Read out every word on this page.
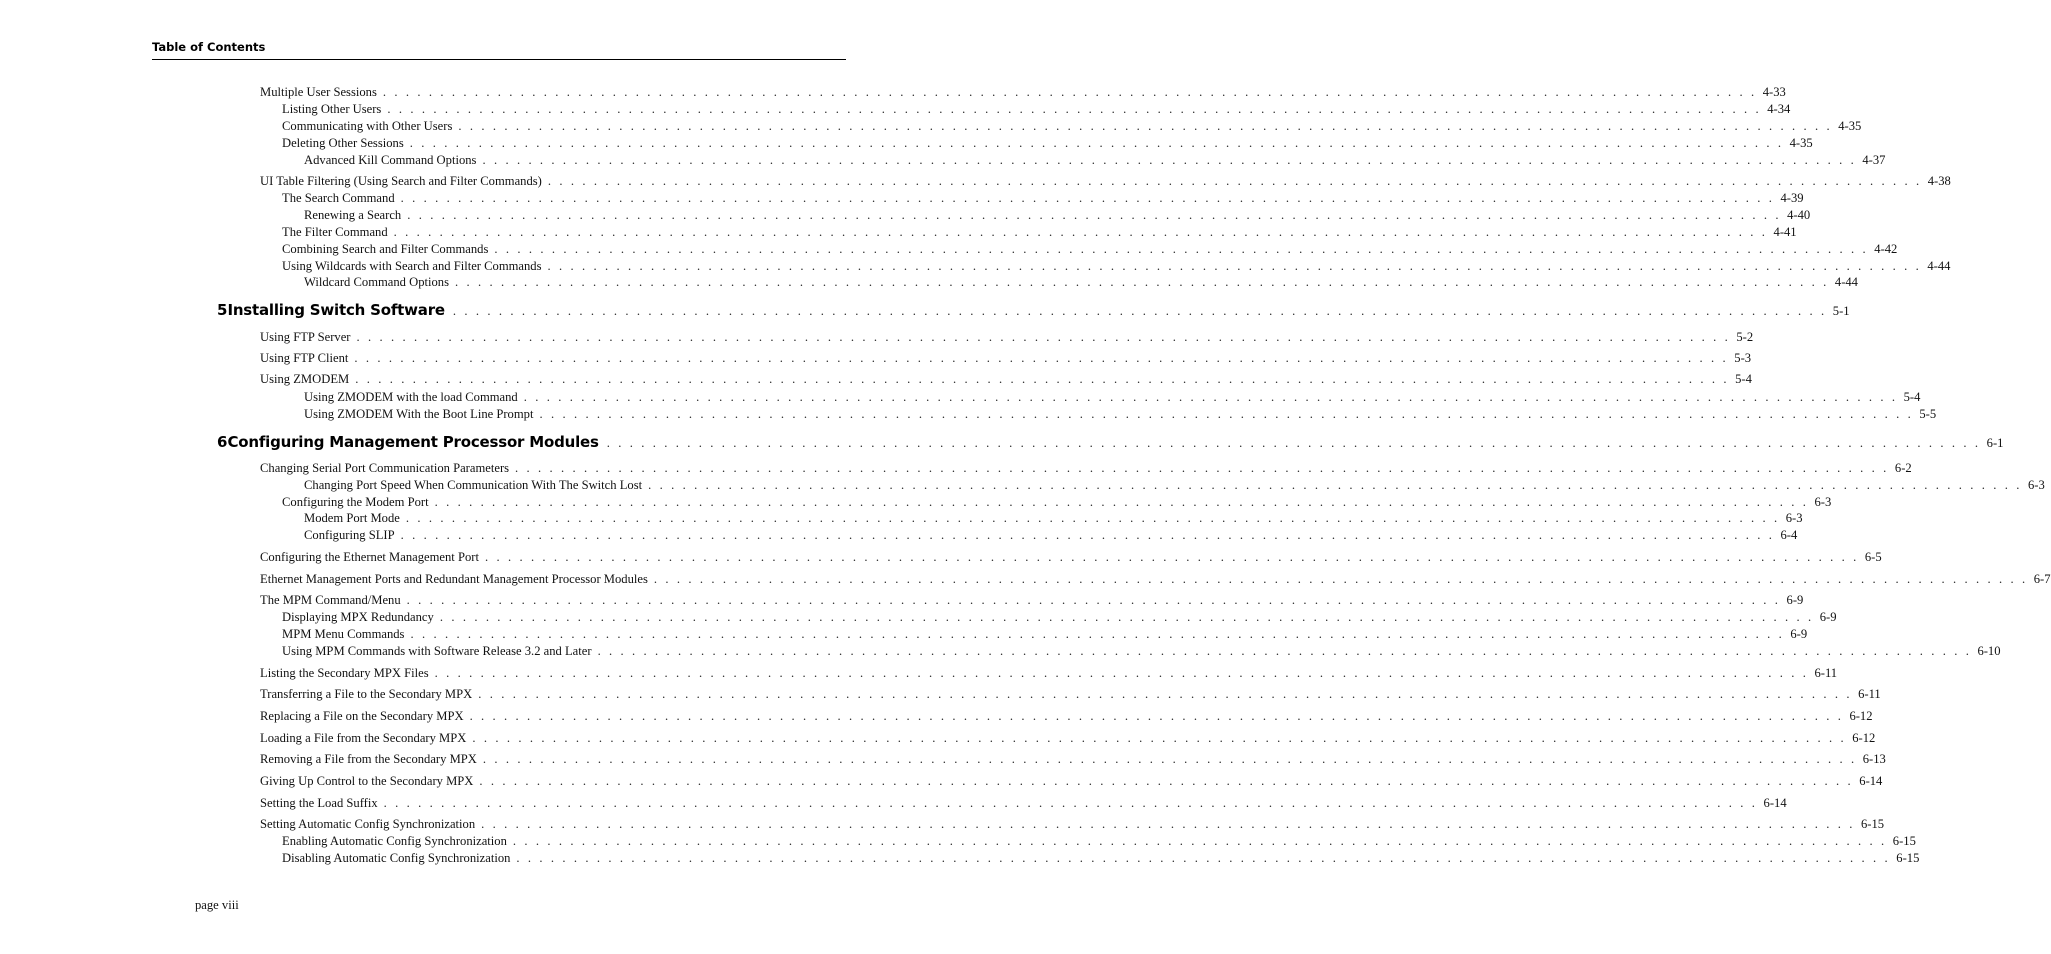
Table of Contents
Multiple User Sessions . . . . . . . . . . . . . . . . . . . . . . . . . . . . . . . . . . . . . . . . . . . . . . . . . . . . . . . . . . . . . . . . . . . . . . . . . . . . . . . . . . . . . . . . . . . . . . . . . . . . . . . . . . . . . . . . . . . . . . . . 4-33
Listing Other Users . . . . . . . . . . . . . . . . . . . . . . . . . . . . . . . . . . . . . . . . . . . . . . . . . . . . . . . . . . . . . . . . . . . . . . . . . . . . . . . . . . . . . . . . . . . . . . . . . . . . . . . . . . . . . . . . . . . . . . . . 4-34
Communicating with Other Users . . . . . . . . . . . . . . . . . . . . . . . . . . . . . . . . . . . . . . . . . . . . . . . . . . . . . . . . . . . . . . . . . . . . . . . . . . . . . . . . . . . . . . . . . . . . . . . . . . . . . . . . . . . . . . . . . . . . . . . . 4-35
Deleting Other Sessions . . . . . . . . . . . . . . . . . . . . . . . . . . . . . . . . . . . . . . . . . . . . . . . . . . . . . . . . . . . . . . . . . . . . . . . . . . . . . . . . . . . . . . . . . . . . . . . . . . . . . . . . . . . . . . . . . . . . . . . . 4-35
Advanced Kill Command Options . . . . . . . . . . . . . . . . . . . . . . . . . . . . . . . . . . . . . . . . . . . . . . . . . . . . . . . . . . . . . . . . . . . . . . . . . . . . . . . . . . . . . . . . . . . . . . . . . . . . . . . . . . . . . . . . . . . . . . . . 4-37
UI Table Filtering (Using Search and Filter Commands) . . . . . . . . . . . . . . . . . . . . . . . . . . . . . . . . . . . . . . . . . . . . . . . . . . . . . . . . . . . . . . . . . . . . . . . . . . . . . . . . . . . . . . . . . . . . . . . . . . . . . . . . . . . . . . . . . . . . . . . . 4-38
The Search Command . . . . . . . . . . . . . . . . . . . . . . . . . . . . . . . . . . . . . . . . . . . . . . . . . . . . . . . . . . . . . . . . . . . . . . . . . . . . . . . . . . . . . . . . . . . . . . . . . . . . . . . . . . . . . . . . . . . . . . . . 4-39
Renewing a Search . . . . . . . . . . . . . . . . . . . . . . . . . . . . . . . . . . . . . . . . . . . . . . . . . . . . . . . . . . . . . . . . . . . . . . . . . . . . . . . . . . . . . . . . . . . . . . . . . . . . . . . . . . . . . . . . . . . . . . . . 4-40
The Filter Command . . . . . . . . . . . . . . . . . . . . . . . . . . . . . . . . . . . . . . . . . . . . . . . . . . . . . . . . . . . . . . . . . . . . . . . . . . . . . . . . . . . . . . . . . . . . . . . . . . . . . . . . . . . . . . . . . . . . . . . . 4-41
Combining Search and Filter Commands . . . . . . . . . . . . . . . . . . . . . . . . . . . . . . . . . . . . . . . . . . . . . . . . . . . . . . . . . . . . . . . . . . . . . . . . . . . . . . . . . . . . . . . . . . . . . . . . . . . . . . . . . . . . . . . . . . . . . . . . 4-42
Using Wildcards with Search and Filter Commands . . . . . . . . . . . . . . . . . . . . . . . . . . . . . . . . . . . . . . . . . . . . . . . . . . . . . . . . . . . . . . . . . . . . . . . . . . . . . . . . . . . . . . . . . . . . . . . . . . . . . . . . . . . . . . . . . . . . . . . . 4-44
Wildcard Command Options . . . . . . . . . . . . . . . . . . . . . . . . . . . . . . . . . . . . . . . . . . . . . . . . . . . . . . . . . . . . . . . . . . . . . . . . . . . . . . . . . . . . . . . . . . . . . . . . . . . . . . . . . . . . . . . . . . . . . . . . 4-44
5 Installing Switch Software . . . . . . . . . . . . . . . . . . . . . . . . . . . . . . . . . . . . . . . . . . . . . . . . . . . . . . . . . . . . . . . . . . . . . . . . . . . . . . . . . . . . . . . . . . . . . . . . . . . . . . . . . . . . . . . . . . . . . . . . 5-1
Using FTP Server . . . . . . . . . . . . . . . . . . . . . . . . . . . . . . . . . . . . . . . . . . . . . . . . . . . . . . . . . . . . . . . . . . . . . . . . . . . . . . . . . . . . . . . . . . . . . . . . . . . . . . . . . . . . . . . . . . . . . . . . 5-2
Using FTP Client . . . . . . . . . . . . . . . . . . . . . . . . . . . . . . . . . . . . . . . . . . . . . . . . . . . . . . . . . . . . . . . . . . . . . . . . . . . . . . . . . . . . . . . . . . . . . . . . . . . . . . . . . . . . . . . . . . . . . . . . 5-3
Using ZMODEM . . . . . . . . . . . . . . . . . . . . . . . . . . . . . . . . . . . . . . . . . . . . . . . . . . . . . . . . . . . . . . . . . . . . . . . . . . . . . . . . . . . . . . . . . . . . . . . . . . . . . . . . . . . . . . . . . . . . . . . . 5-4
Using ZMODEM with the load Command . . . . . . . . . . . . . . . . . . . . . . . . . . . . . . . . . . . . . . . . . . . . . . . . . . . . . . . . . . . . . . . . . . . . . . . . . . . . . . . . . . . . . . . . . . . . . . . . . . . . . . . . . . . . . . . . . . . . . . . . 5-4
Using ZMODEM With the Boot Line Prompt . . . . . . . . . . . . . . . . . . . . . . . . . . . . . . . . . . . . . . . . . . . . . . . . . . . . . . . . . . . . . . . . . . . . . . . . . . . . . . . . . . . . . . . . . . . . . . . . . . . . . . . . . . . . . . . . . . . . . . . . 5-5
6 Configuring Management Processor Modules . . . . . . . . . . . . . . . . . . . . . . . . . . . . . . . . . . . . . . . . . . . . . . . . . . . . . . . . . . . . . . . . . . . . . . . . . . . . . . . . . . . . . . . . . . . . . . . . . . . . . . . . . . . . . . . . . . . . . . . . 6-1
Changing Serial Port Communication Parameters . . . . . . . . . . . . . . . . . . . . . . . . . . . . . . . . . . . . . . . . . . . . . . . . . . . . . . . . . . . . . . . . . . . . . . . . . . . . . . . . . . . . . . . . . . . . . . . . . . . . . . . . . . . . . . . . . . . . . . . . 6-2
Changing Port Speed When Communication With The Switch Lost . . . . . . . . . . . . . . . . . . . . . . . . . . . . . . . . . . . . . . . . . . . . . . . . . . . . . . . . . . . . . . . . . . . . . . . . . . . . . . . . . . . . . . . . . . . . . . . . . . . . . . . . . . . . . . . . . . . . . . . . 6-3
Configuring the Modem Port . . . . . . . . . . . . . . . . . . . . . . . . . . . . . . . . . . . . . . . . . . . . . . . . . . . . . . . . . . . . . . . . . . . . . . . . . . . . . . . . . . . . . . . . . . . . . . . . . . . . . . . . . . . . . . . . . . . . . . . . 6-3
Modem Port Mode . . . . . . . . . . . . . . . . . . . . . . . . . . . . . . . . . . . . . . . . . . . . . . . . . . . . . . . . . . . . . . . . . . . . . . . . . . . . . . . . . . . . . . . . . . . . . . . . . . . . . . . . . . . . . . . . . . . . . . . . 6-3
Configuring SLIP . . . . . . . . . . . . . . . . . . . . . . . . . . . . . . . . . . . . . . . . . . . . . . . . . . . . . . . . . . . . . . . . . . . . . . . . . . . . . . . . . . . . . . . . . . . . . . . . . . . . . . . . . . . . . . . . . . . . . . . . 6-4
Configuring the Ethernet Management Port . . . . . . . . . . . . . . . . . . . . . . . . . . . . . . . . . . . . . . . . . . . . . . . . . . . . . . . . . . . . . . . . . . . . . . . . . . . . . . . . . . . . . . . . . . . . . . . . . . . . . . . . . . . . . . . . . . . . . . . . 6-5
Ethernet Management Ports and Redundant Management Processor Modules . . . . . . . . . . . . . . . . . . . . . . . . . . . . . . . . . . . . . . . . . . . . . . . . . . . . . . . . . . . . . . . . . . . . . . . . . . . . . . . . . . . . . . . . . . . . . . . . . . . . . . . . . . . . . . . . . . . . . . . . 6-7
The MPM Command/Menu . . . . . . . . . . . . . . . . . . . . . . . . . . . . . . . . . . . . . . . . . . . . . . . . . . . . . . . . . . . . . . . . . . . . . . . . . . . . . . . . . . . . . . . . . . . . . . . . . . . . . . . . . . . . . . . . . . . . . . . . 6-9
Displaying MPX Redundancy . . . . . . . . . . . . . . . . . . . . . . . . . . . . . . . . . . . . . . . . . . . . . . . . . . . . . . . . . . . . . . . . . . . . . . . . . . . . . . . . . . . . . . . . . . . . . . . . . . . . . . . . . . . . . . . . . . . . . . . . 6-9
MPM Menu Commands . . . . . . . . . . . . . . . . . . . . . . . . . . . . . . . . . . . . . . . . . . . . . . . . . . . . . . . . . . . . . . . . . . . . . . . . . . . . . . . . . . . . . . . . . . . . . . . . . . . . . . . . . . . . . . . . . . . . . . . . 6-9
Using MPM Commands with Software Release 3.2 and Later . . . . . . . . . . . . . . . . . . . . . . . . . . . . . . . . . . . . . . . . . . . . . . . . . . . . . . . . . . . . . . . . . . . . . . . . . . . . . . . . . . . . . . . . . . . . . . . . . . . . . . . . . . . . . . . . . . . . . . . . 6-10
Listing the Secondary MPX Files . . . . . . . . . . . . . . . . . . . . . . . . . . . . . . . . . . . . . . . . . . . . . . . . . . . . . . . . . . . . . . . . . . . . . . . . . . . . . . . . . . . . . . . . . . . . . . . . . . . . . . . . . . . . . . . . . . . . . . . . 6-11
Transferring a File to the Secondary MPX . . . . . . . . . . . . . . . . . . . . . . . . . . . . . . . . . . . . . . . . . . . . . . . . . . . . . . . . . . . . . . . . . . . . . . . . . . . . . . . . . . . . . . . . . . . . . . . . . . . . . . . . . . . . . . . . . . . . . . . . 6-11
Replacing a File on the Secondary MPX . . . . . . . . . . . . . . . . . . . . . . . . . . . . . . . . . . . . . . . . . . . . . . . . . . . . . . . . . . . . . . . . . . . . . . . . . . . . . . . . . . . . . . . . . . . . . . . . . . . . . . . . . . . . . . . . . . . . . . . . 6-12
Loading a File from the Secondary MPX . . . . . . . . . . . . . . . . . . . . . . . . . . . . . . . . . . . . . . . . . . . . . . . . . . . . . . . . . . . . . . . . . . . . . . . . . . . . . . . . . . . . . . . . . . . . . . . . . . . . . . . . . . . . . . . . . . . . . . . . 6-12
Removing a File from the Secondary MPX . . . . . . . . . . . . . . . . . . . . . . . . . . . . . . . . . . . . . . . . . . . . . . . . . . . . . . . . . . . . . . . . . . . . . . . . . . . . . . . . . . . . . . . . . . . . . . . . . . . . . . . . . . . . . . . . . . . . . . . . 6-13
Giving Up Control to the Secondary MPX . . . . . . . . . . . . . . . . . . . . . . . . . . . . . . . . . . . . . . . . . . . . . . . . . . . . . . . . . . . . . . . . . . . . . . . . . . . . . . . . . . . . . . . . . . . . . . . . . . . . . . . . . . . . . . . . . . . . . . . . 6-14
Setting the Load Suffix . . . . . . . . . . . . . . . . . . . . . . . . . . . . . . . . . . . . . . . . . . . . . . . . . . . . . . . . . . . . . . . . . . . . . . . . . . . . . . . . . . . . . . . . . . . . . . . . . . . . . . . . . . . . . . . . . . . . . . . . 6-14
Setting Automatic Config Synchronization . . . . . . . . . . . . . . . . . . . . . . . . . . . . . . . . . . . . . . . . . . . . . . . . . . . . . . . . . . . . . . . . . . . . . . . . . . . . . . . . . . . . . . . . . . . . . . . . . . . . . . . . . . . . . . . . . . . . . . . . 6-15
Enabling Automatic Config Synchronization . . . . . . . . . . . . . . . . . . . . . . . . . . . . . . . . . . . . . . . . . . . . . . . . . . . . . . . . . . . . . . . . . . . . . . . . . . . . . . . . . . . . . . . . . . . . . . . . . . . . . . . . . . . . . . . . . . . . . . . . 6-15
Disabling Automatic Config Synchronization . . . . . . . . . . . . . . . . . . . . . . . . . . . . . . . . . . . . . . . . . . . . . . . . . . . . . . . . . . . . . . . . . . . . . . . . . . . . . . . . . . . . . . . . . . . . . . . . . . . . . . . . . . . . . . . . . . . . . . . . 6-15
page viii
